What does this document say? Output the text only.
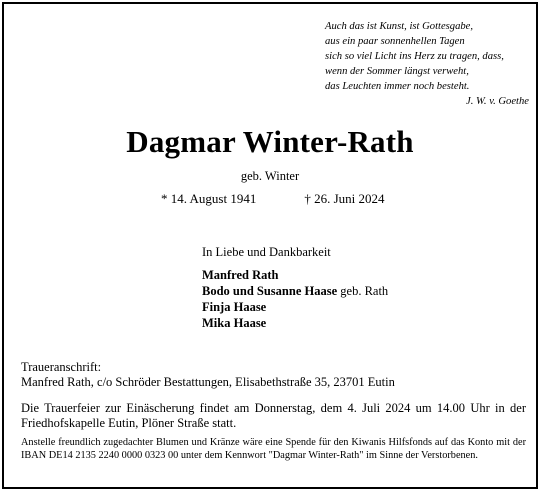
Auch das ist Kunst, ist Gottesgabe,
aus ein paar sonnenhellen Tagen
sich so viel Licht ins Herz zu tragen, dass,
wenn der Sommer längst verweht,
das Leuchten immer noch besteht.
J. W. v. Goethe
Dagmar Winter-Rath
geb. Winter
* 14. August 1941	† 26. Juni 2024
In Liebe und Dankbarkeit
Manfred Rath
Bodo und Susanne Haase geb. Rath
Finja Haase
Mika Haase
Traueranschrift:
Manfred Rath, c/o Schröder Bestattungen, Elisabethstraße 35, 23701 Eutin
Die Trauerfeier zur Einäscherung findet am Donnerstag, dem 4. Juli 2024 um 14.00 Uhr in der Friedhofskapelle Eutin, Plöner Straße statt.
Anstelle freundlich zugedachter Blumen und Kränze wäre eine Spende für den Kiwanis Hilfsfonds auf das Konto mit der IBAN DE14 2135 2240 0000 0323 00 unter dem Kennwort "Dagmar Winter-Rath" im Sinne der Verstorbenen.
